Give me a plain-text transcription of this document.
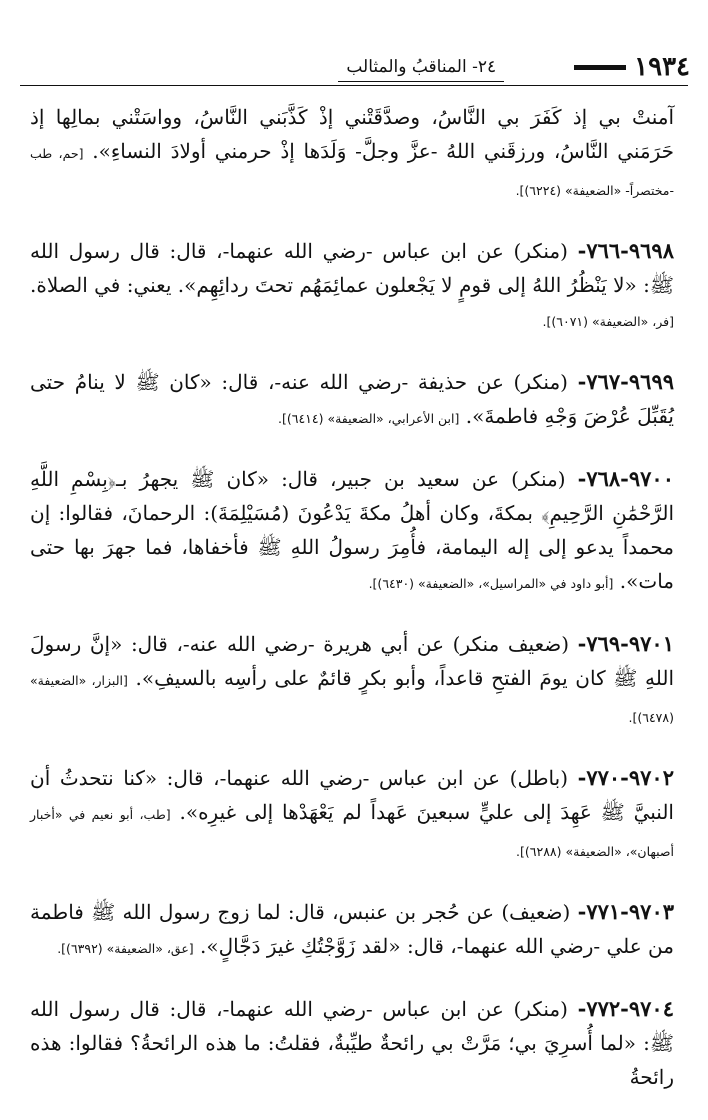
١٩٣٤
٢٤- المناقبُ والمثالب

آمنتْ بي إذ كَفَرَ بي النَّاسُ، وصدَّقَتْني إذْ كَذَّبَني النَّاسُ، وواسَتْني بمالِها إذ حَرَمَني النَّاسُ، ورزقَني اللهُ -عزَّ وجلَّ- وَلَدَها إذْ حرمني أولادَ النساءِ». [حم، طب -مختصراً- «الضعيفة» (٦٢٢٤)].

٩٦٩٨-٧٦٦- (منكر) عن ابن عباس -رضي الله عنهما-، قال: قال رسول الله ﷺ: «لا يَنْظُرُ اللهُ إلى قومٍ لا يَجْعلون عمائِمَهُم تحتَ ردائِهِم». يعني: في الصلاة. [فر، «الضعيفة» (٦٠٧١)].

٩٦٩٩-٧٦٧- (منكر) عن حذيفة -رضي الله عنه-، قال: «كان ﷺ لا ينامُ حتى يُقَبِّلَ عُرْضَ وَجْهِ فاطمةَ». [ابن الأعرابي، «الضعيفة» (٦٤١٤)].

٩٧٠٠-٧٦٨- (منكر) عن سعيد بن جبير، قال: «كان ﷺ يجهرُ بـ﴿بِسْمِ اللَّهِ الرَّحْمَٰنِ الرَّحِيمِ﴾ بمكةَ، وكان أهلُ مكةَ يَدْعُونَ (مُسَيْلِمَةَ): الرحمانَ، فقالوا: إن محمداً يدعو إلى إله اليمامة، فأُمِرَ رسولُ اللهِ ﷺ فأخفاها، فما جهرَ بها حتى مات». [أبو داود في «المراسيل»، «الضعيفة» (٦٤٣٠)].

٩٧٠١-٧٦٩- (ضعيف منكر) عن أبي هريرة -رضي الله عنه-، قال: «إنَّ رسولَ اللهِ ﷺ كان يومَ الفتحِ قاعداً، وأبو بكرٍ قائمٌ على رأسِه بالسيفِ». [البزار، «الضعيفة» (٦٤٧٨)].

٩٧٠٢-٧٧٠- (باطل) عن ابن عباس -رضي الله عنهما-، قال: «كنا نتحدثُ أن النبيَّ ﷺ عَهِدَ إلى عليٍّ سبعينَ عَهداً لم يَعْهَدْها إلى غيرِه». [طب، أبو نعيم في «أخبار أصبهان»، «الضعيفة» (٦٢٨٨)].

٩٧٠٣-٧٧١- (ضعيف) عن حُجر بن عنبس، قال: لما زوج رسول الله ﷺ فاطمة من علي -رضي الله عنهما-، قال: «لقد زَوَّجْتُكِ غيرَ دَجَّالٍ». [عق، «الضعيفة» (٦٣٩٢)].

٩٧٠٤-٧٧٢- (منكر) عن ابن عباس -رضي الله عنهما-، قال: قال رسول الله ﷺ: «لما أُسرِيَ بي؛ مَرَّتْ بي رائحةٌ طيِّبةٌ، فقلتُ: ما هذه الرائحةُ؟ فقالوا: هذه رائحةُ
